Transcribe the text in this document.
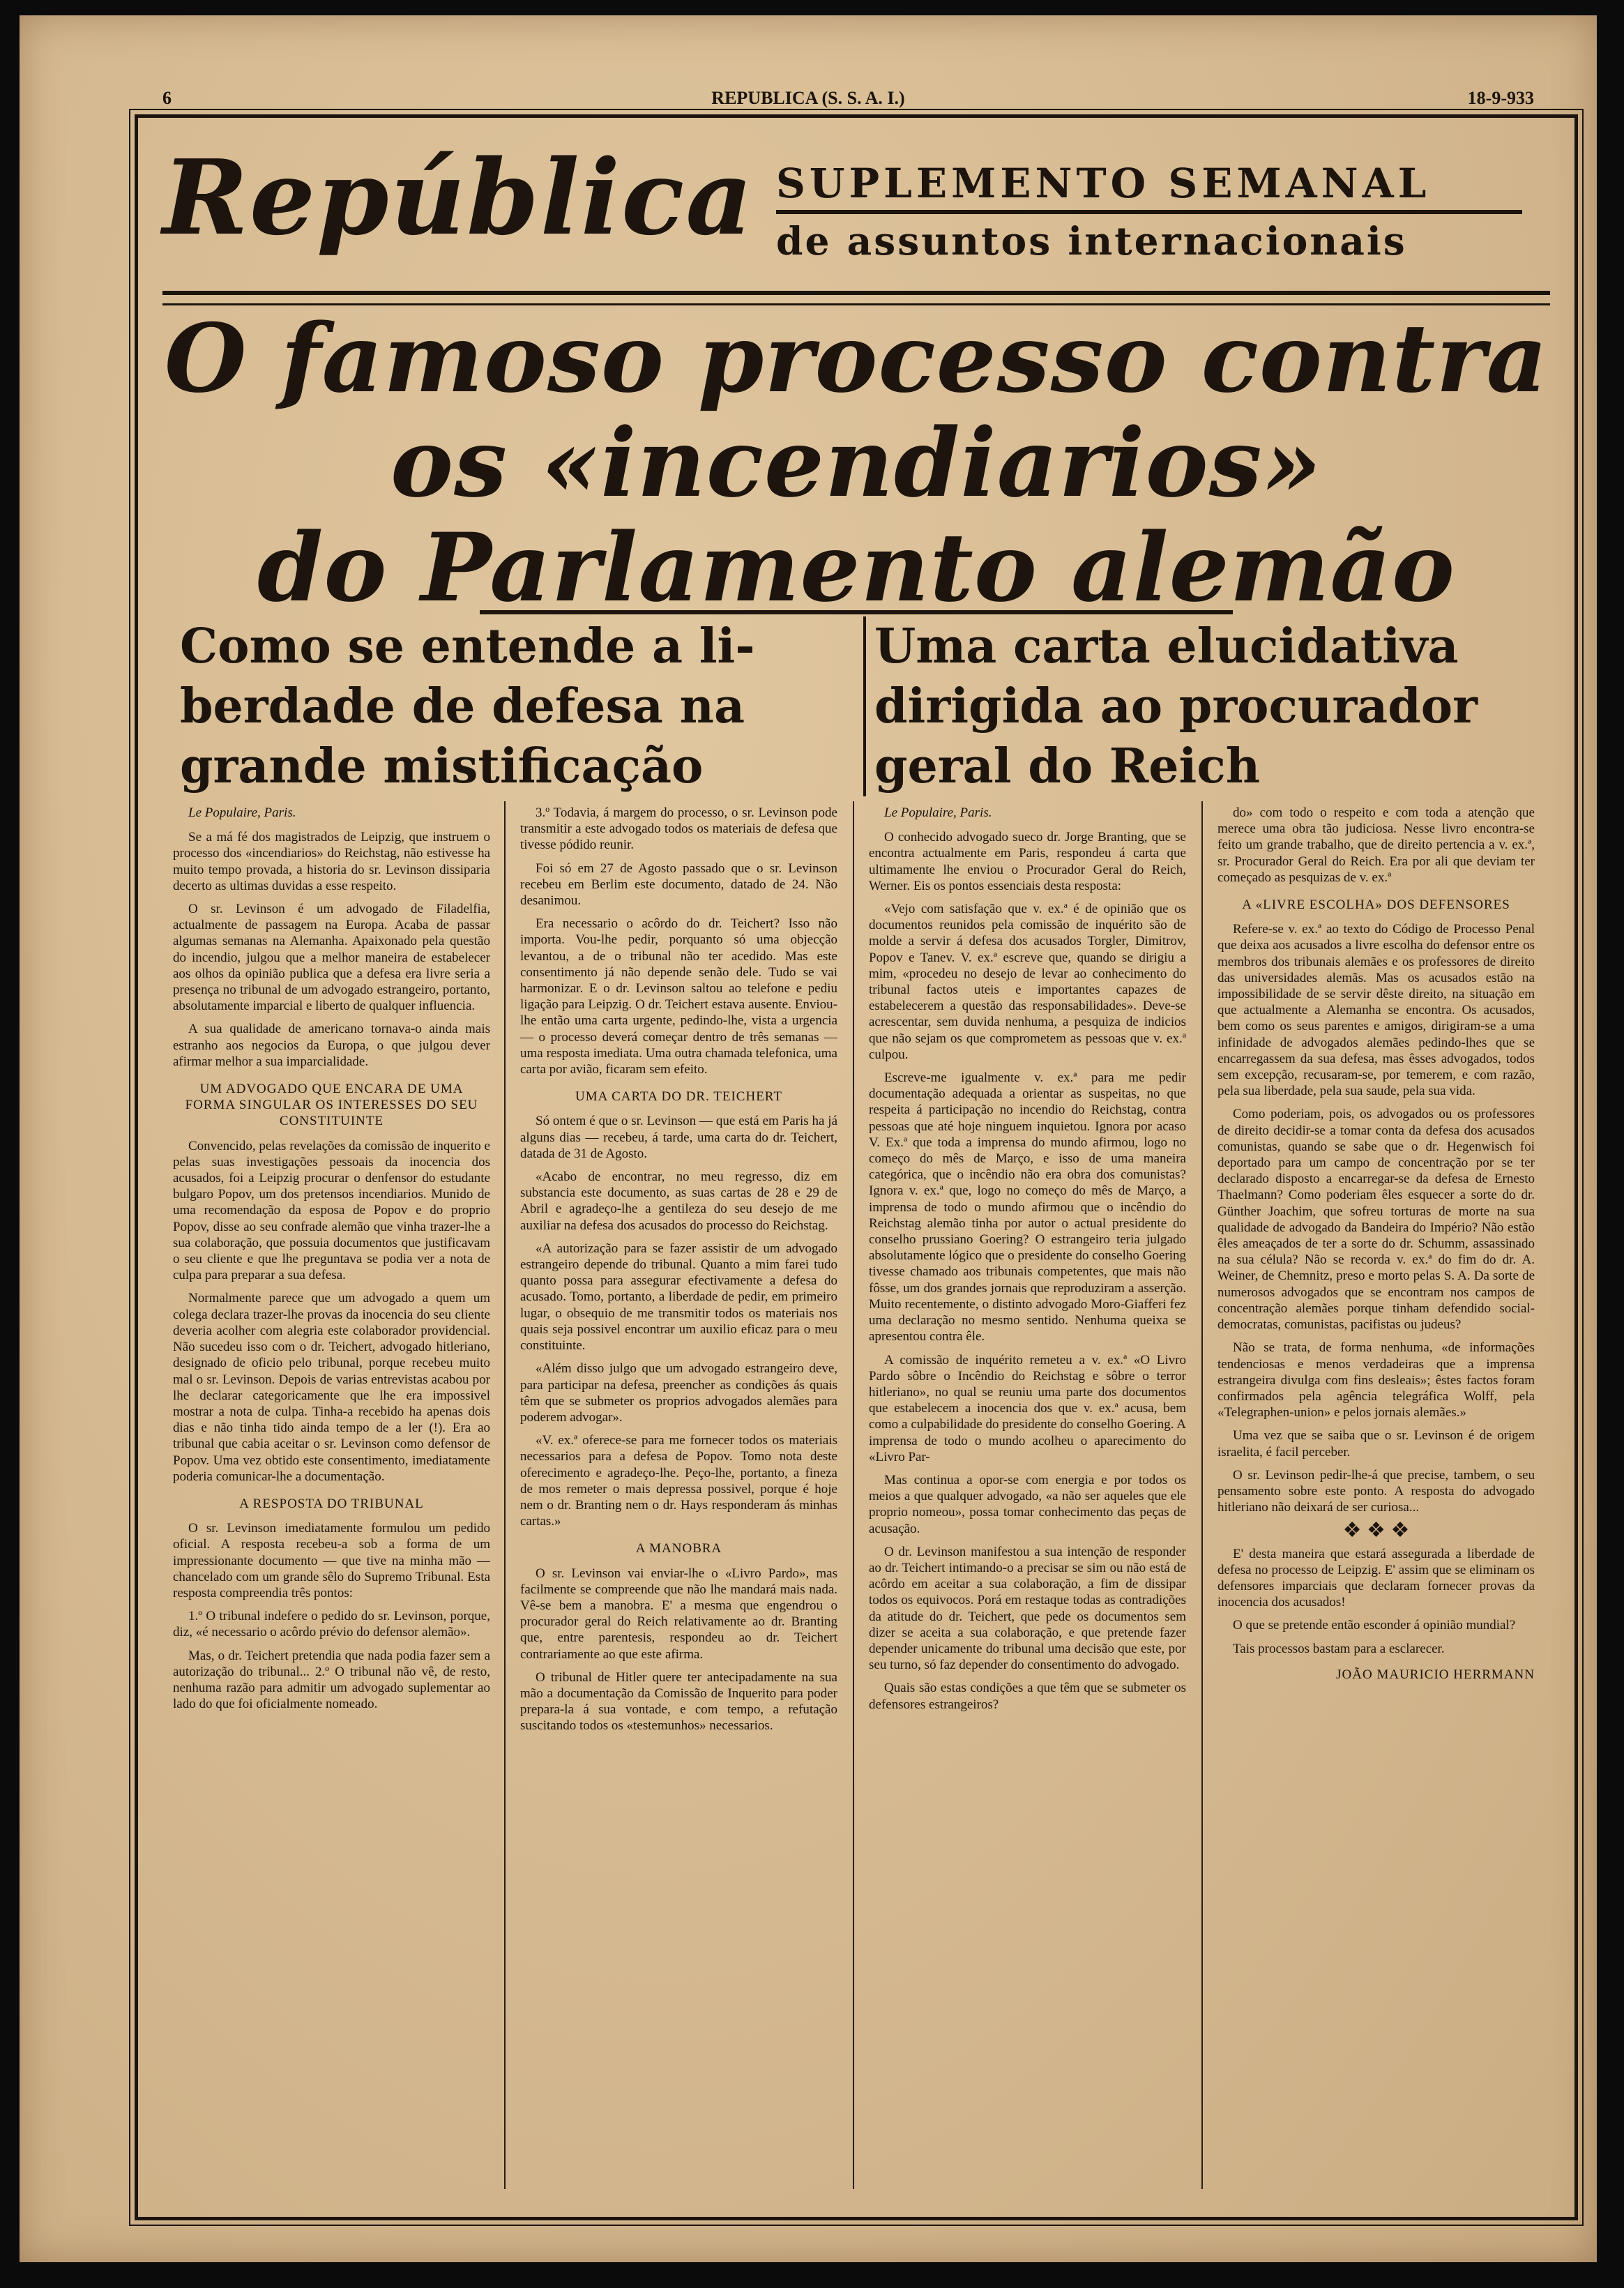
6	REPUBLICA (S. S. A. I.)	18-9-933
República SUPLEMENTO SEMANAL
de assuntos internacionais
O famoso processo contra
os «incendiarios»
do Parlamento alemão
Como se entende a li-
berdade de defesa na
grande mistificação
Uma carta elucidativa
dirigida ao procurador
geral do Reich

Le Populaire, Paris.

Se a má fé dos magistrados de Leipzig, que instruem o processo dos «incendiarios» do Reichstag, não estivesse ha muito tempo provada, a historia do sr. Levinson dissiparia decerto as ultimas duvidas a esse respeito.

O sr. Levinson é um advogado de Filadelfia, actualmente de passagem na Europa. Acaba de passar algumas semanas na Alemanha. Apaixonado pela questão do incendio, julgou que a melhor maneira de estabelecer aos olhos da opinião publica que a defesa era livre seria a presença no tribunal de um advogado estrangeiro, portanto, absolutamente imparcial e liberto de qualquer influencia.

A sua qualidade de americano tornava-o ainda mais estranho aos negocios da Europa, o que julgou dever afirmar melhor a sua imparcialidade.

UM ADVOGADO QUE ENCARA DE UMA FORMA SINGULAR OS INTERESSES DO SEU CONSTITUINTE

Convencido, pelas revelações da comissão de inquerito e pelas suas investigações pessoais da inocencia dos acusados, foi a Leipzig procurar o denfensor do estudante bulgaro Popov, um dos pretensos incendiarios. Munido de uma recomendação da esposa de Popov e do proprio Popov, disse ao seu confrade alemão que vinha trazer-lhe a sua colaboração, que possuia documentos que justificavam o seu cliente e que lhe preguntava se podia ver a nota de culpa para preparar a sua defesa.

Normalmente parece que um advogado a quem um colega declara trazer-lhe provas da inocencia do seu cliente deveria acolher com alegria este colaborador providencial. Não sucedeu isso com o dr. Teichert, advogado hitleriano, designado de oficio pelo tribunal, porque recebeu muito mal o sr. Levinson. Depois de varias entrevistas acabou por lhe declarar categoricamente que lhe era impossivel mostrar a nota de culpa. Tinha-a recebido ha apenas dois dias e não tinha tido ainda tempo de a ler (!). Era ao tribunal que cabia aceitar o sr. Levinson como defensor de Popov. Uma vez obtido este consentimento, imediatamente poderia comunicar-lhe a documentação.

A RESPOSTA DO TRIBUNAL

O sr. Levinson imediatamente formulou um pedido oficial. A resposta recebeu-a sob a forma de um impressionante documento — que tive na minha mão — chancelado com um grande sêlo do Supremo Tribunal. Esta resposta compreendia três pontos:

1.º O tribunal indefere o pedido do sr. Levinson, porque, diz, «é necessario o acôrdo prévio do defensor alemão».

Mas, o dr. Teichert pretendia que nada podia fazer sem a autorização do tribunal... 2.º O tribunal não vê, de resto, nenhuma razão para admitir um advogado suplementar ao lado do que foi oficialmente nomeado.

3.º Todavia, á margem do processo, o sr. Levinson pode transmitir a este advogado todos os materiais de defesa que tivesse pódido reunir.

Foi só em 27 de Agosto passado que o sr. Levinson recebeu em Berlim este documento, datado de 24. Não desanimou.

Era necessario o acôrdo do dr. Teichert? Isso não importa. Vou-lhe pedir, porquanto só uma objecção levantou, a de o tribunal não ter acedido. Mas este consentimento já não depende senão dele. Tudo se vai harmonizar. E o dr. Levinson saltou ao telefone e pediu ligação para Leipzig. O dr. Teichert estava ausente. Enviou-lhe então uma carta urgente, pedindo-lhe, vista a urgencia — o processo deverá começar dentro de três semanas — uma resposta imediata. Uma outra chamada telefonica, uma carta por avião, ficaram sem efeito.

UMA CARTA DO DR. TEICHERT

Só ontem é que o sr. Levinson — que está em Paris ha já alguns dias — recebeu, á tarde, uma carta do dr. Teichert, datada de 31 de Agosto.

«Acabo de encontrar, no meu regresso, diz em substancia este documento, as suas cartas de 28 e 29 de Abril e agradeço-lhe a gentileza do seu desejo de me auxiliar na defesa dos acusados do processo do Reichstag.

«A autorização para se fazer assistir de um advogado estrangeiro depende do tribunal. Quanto a mim farei tudo quanto possa para assegurar efectivamente a defesa do acusado. Tomo, portanto, a liberdade de pedir, em primeiro lugar, o obsequio de me transmitir todos os materiais nos quais seja possivel encontrar um auxilio eficaz para o meu constituinte.

«Além disso julgo que um advogado estrangeiro deve, para participar na defesa, preencher as condições ás quais têm que se submeter os proprios advogados alemães para poderem advogar».

«V. ex.ª oferece-se para me fornecer todos os materiais necessarios para a defesa de Popov. Tomo nota deste oferecimento e agradeço-lhe. Peço-lhe, portanto, a fineza de mos remeter o mais depressa possivel, porque é hoje nem o dr. Branting nem o dr. Hays responderam ás minhas cartas.»

A MANOBRA

O sr. Levinson vai enviar-lhe o «Livro Pardo», mas facilmente se compreende que não lhe mandará mais nada. Vê-se bem a manobra. E' a mesma que engendrou o procurador geral do Reich relativamente ao dr. Branting que, entre parentesis, respondeu ao dr. Teichert contrariamente ao que este afirma.

O tribunal de Hitler quere ter antecipadamente na sua mão a documentação da Comissão de Inquerito para poder prepara-la á sua vontade, e com tempo, a refutação suscitando todos os «testemunhos» necessarios.

Le Populaire, Paris.

O conhecido advogado sueco dr. Jorge Branting, que se encontra actualmente em Paris, respondeu á carta que ultimamente lhe enviou o Procurador Geral do Reich, Werner. Eis os pontos essenciais desta resposta:

«Vejo com satisfação que v. ex.ª é de opinião que os documentos reunidos pela comissão de inquérito são de molde a servir á defesa dos acusados Torgler, Dimitrov, Popov e Tanev. V. ex.ª escreve que, quando se dirigiu a mim, «procedeu no desejo de levar ao conhecimento do tribunal factos uteis e importantes capazes de estabelecerem a questão das responsabilidades». Deve-se acrescentar, sem duvida nenhuma, a pesquiza de indicios que não sejam os que comprometem as pessoas que v. ex.ª culpou.

Escreve-me igualmente v. ex.ª para me pedir documentação adequada a orientar as suspeitas, no que respeita á participação no incendio do Reichstag, contra pessoas que até hoje ninguem inquietou. Ignora por acaso V. Ex.ª que toda a imprensa do mundo afirmou, logo no começo do mês de Março, e isso de uma maneira categórica, que o incêndio não era obra dos comunistas? Ignora v. ex.ª que, logo no começo do mês de Março, a imprensa de todo o mundo afirmou que o incêndio do Reichstag alemão tinha por autor o actual presidente do conselho prussiano Goering? O estrangeiro teria julgado absolutamente lógico que o presidente do conselho Goering tivesse chamado aos tribunais competentes, que mais não fôsse, um dos grandes jornais que reproduziram a asserção. Muito recentemente, o distinto advogado Moro-Giafferi fez uma declaração no mesmo sentido. Nenhuma queixa se apresentou contra êle.

A comissão de inquérito remeteu a v. ex.ª «O Livro Pardo sôbre o Incêndio do Reichstag e sôbre o terror hitleriano», no qual se reuniu uma parte dos documentos que estabelecem a inocencia dos que v. ex.ª acusa, bem como a culpabilidade do presidente do conselho Goering. A imprensa de todo o mundo acolheu o aparecimento do «Livro Par-

Mas continua a opor-se com energia e por todos os meios a que qualquer advogado, «a não ser aqueles que ele proprio nomeou», possa tomar conhecimento das peças de acusação.

O dr. Levinson manifestou a sua intenção de responder ao dr. Teichert intimando-o a precisar se sim ou não está de acôrdo em aceitar a sua colaboração, a fim de dissipar todos os equivocos. Porá em restaque todas as contradições da atitude do dr. Teichert, que pede os documentos sem dizer se aceita a sua colaboração, e que pretende fazer depender unicamente do tribunal uma decisão que este, por seu turno, só faz depender do consentimento do advogado.

Quais são estas condições a que têm que se submeter os defensores estrangeiros?

do» com todo o respeito e com toda a atenção que merece uma obra tão judiciosa. Nesse livro encontra-se feito um grande trabalho, que de direito pertencia a v. ex.ª, sr. Procurador Geral do Reich. Era por ali que deviam ter começado as pesquizas de v. ex.ª

A «LIVRE ESCOLHA» DOS DEFENSORES

Refere-se v. ex.ª ao texto do Código de Processo Penal que deixa aos acusados a livre escolha do defensor entre os membros dos tribunais alemães e os professores de direito das universidades alemãs. Mas os acusados estão na impossibilidade de se servir dêste direito, na situação em que actualmente a Alemanha se encontra. Os acusados, bem como os seus parentes e amigos, dirigiram-se a uma infinidade de advogados alemães pedindo-lhes que se encarregassem da sua defesa, mas êsses advogados, todos sem excepção, recusaram-se, por temerem, e com razão, pela sua liberdade, pela sua saude, pela sua vida.

Como poderiam, pois, os advogados ou os professores de direito decidir-se a tomar conta da defesa dos acusados comunistas, quando se sabe que o dr. Hegenwisch foi deportado para um campo de concentração por se ter declarado disposto a encarregar-se da defesa de Ernesto Thaelmann? Como poderiam êles esquecer a sorte do dr. Günther Joachim, que sofreu torturas de morte na sua qualidade de advogado da Bandeira do Império? Não estão êles ameaçados de ter a sorte do dr. Schumm, assassinado na sua célula? Não se recorda v. ex.ª do fim do dr. A. Weiner, de Chemnitz, preso e morto pelas S. A. Da sorte de numerosos advogados que se encontram nos campos de concentração alemães porque tinham defendido social-democratas, comunistas, pacifistas ou judeus?

Não se trata, de forma nenhuma, «de informações tendenciosas e menos verdadeiras que a imprensa estrangeira divulga com fins desleais»; êstes factos foram confirmados pela agência telegráfica Wolff, pela «Telegraphen-union» e pelos jornais alemães.»

Uma vez que se saiba que o sr. Levinson é de origem israelita, é facil perceber.

O sr. Levinson pedir-lhe-á que precise, tambem, o seu pensamento sobre este ponto. A resposta do advogado hitleriano não deixará de ser curiosa...

❖ ❖ ❖

E' desta maneira que estará assegurada a liberdade de defesa no processo de Leipzig. E' assim que se eliminam os defensores imparciais que declaram fornecer provas da inocencia dos acusados!

O que se pretende então esconder á opinião mundial?

Tais processos bastam para a esclarecer.

JOÃO MAURICIO HERRMANN
